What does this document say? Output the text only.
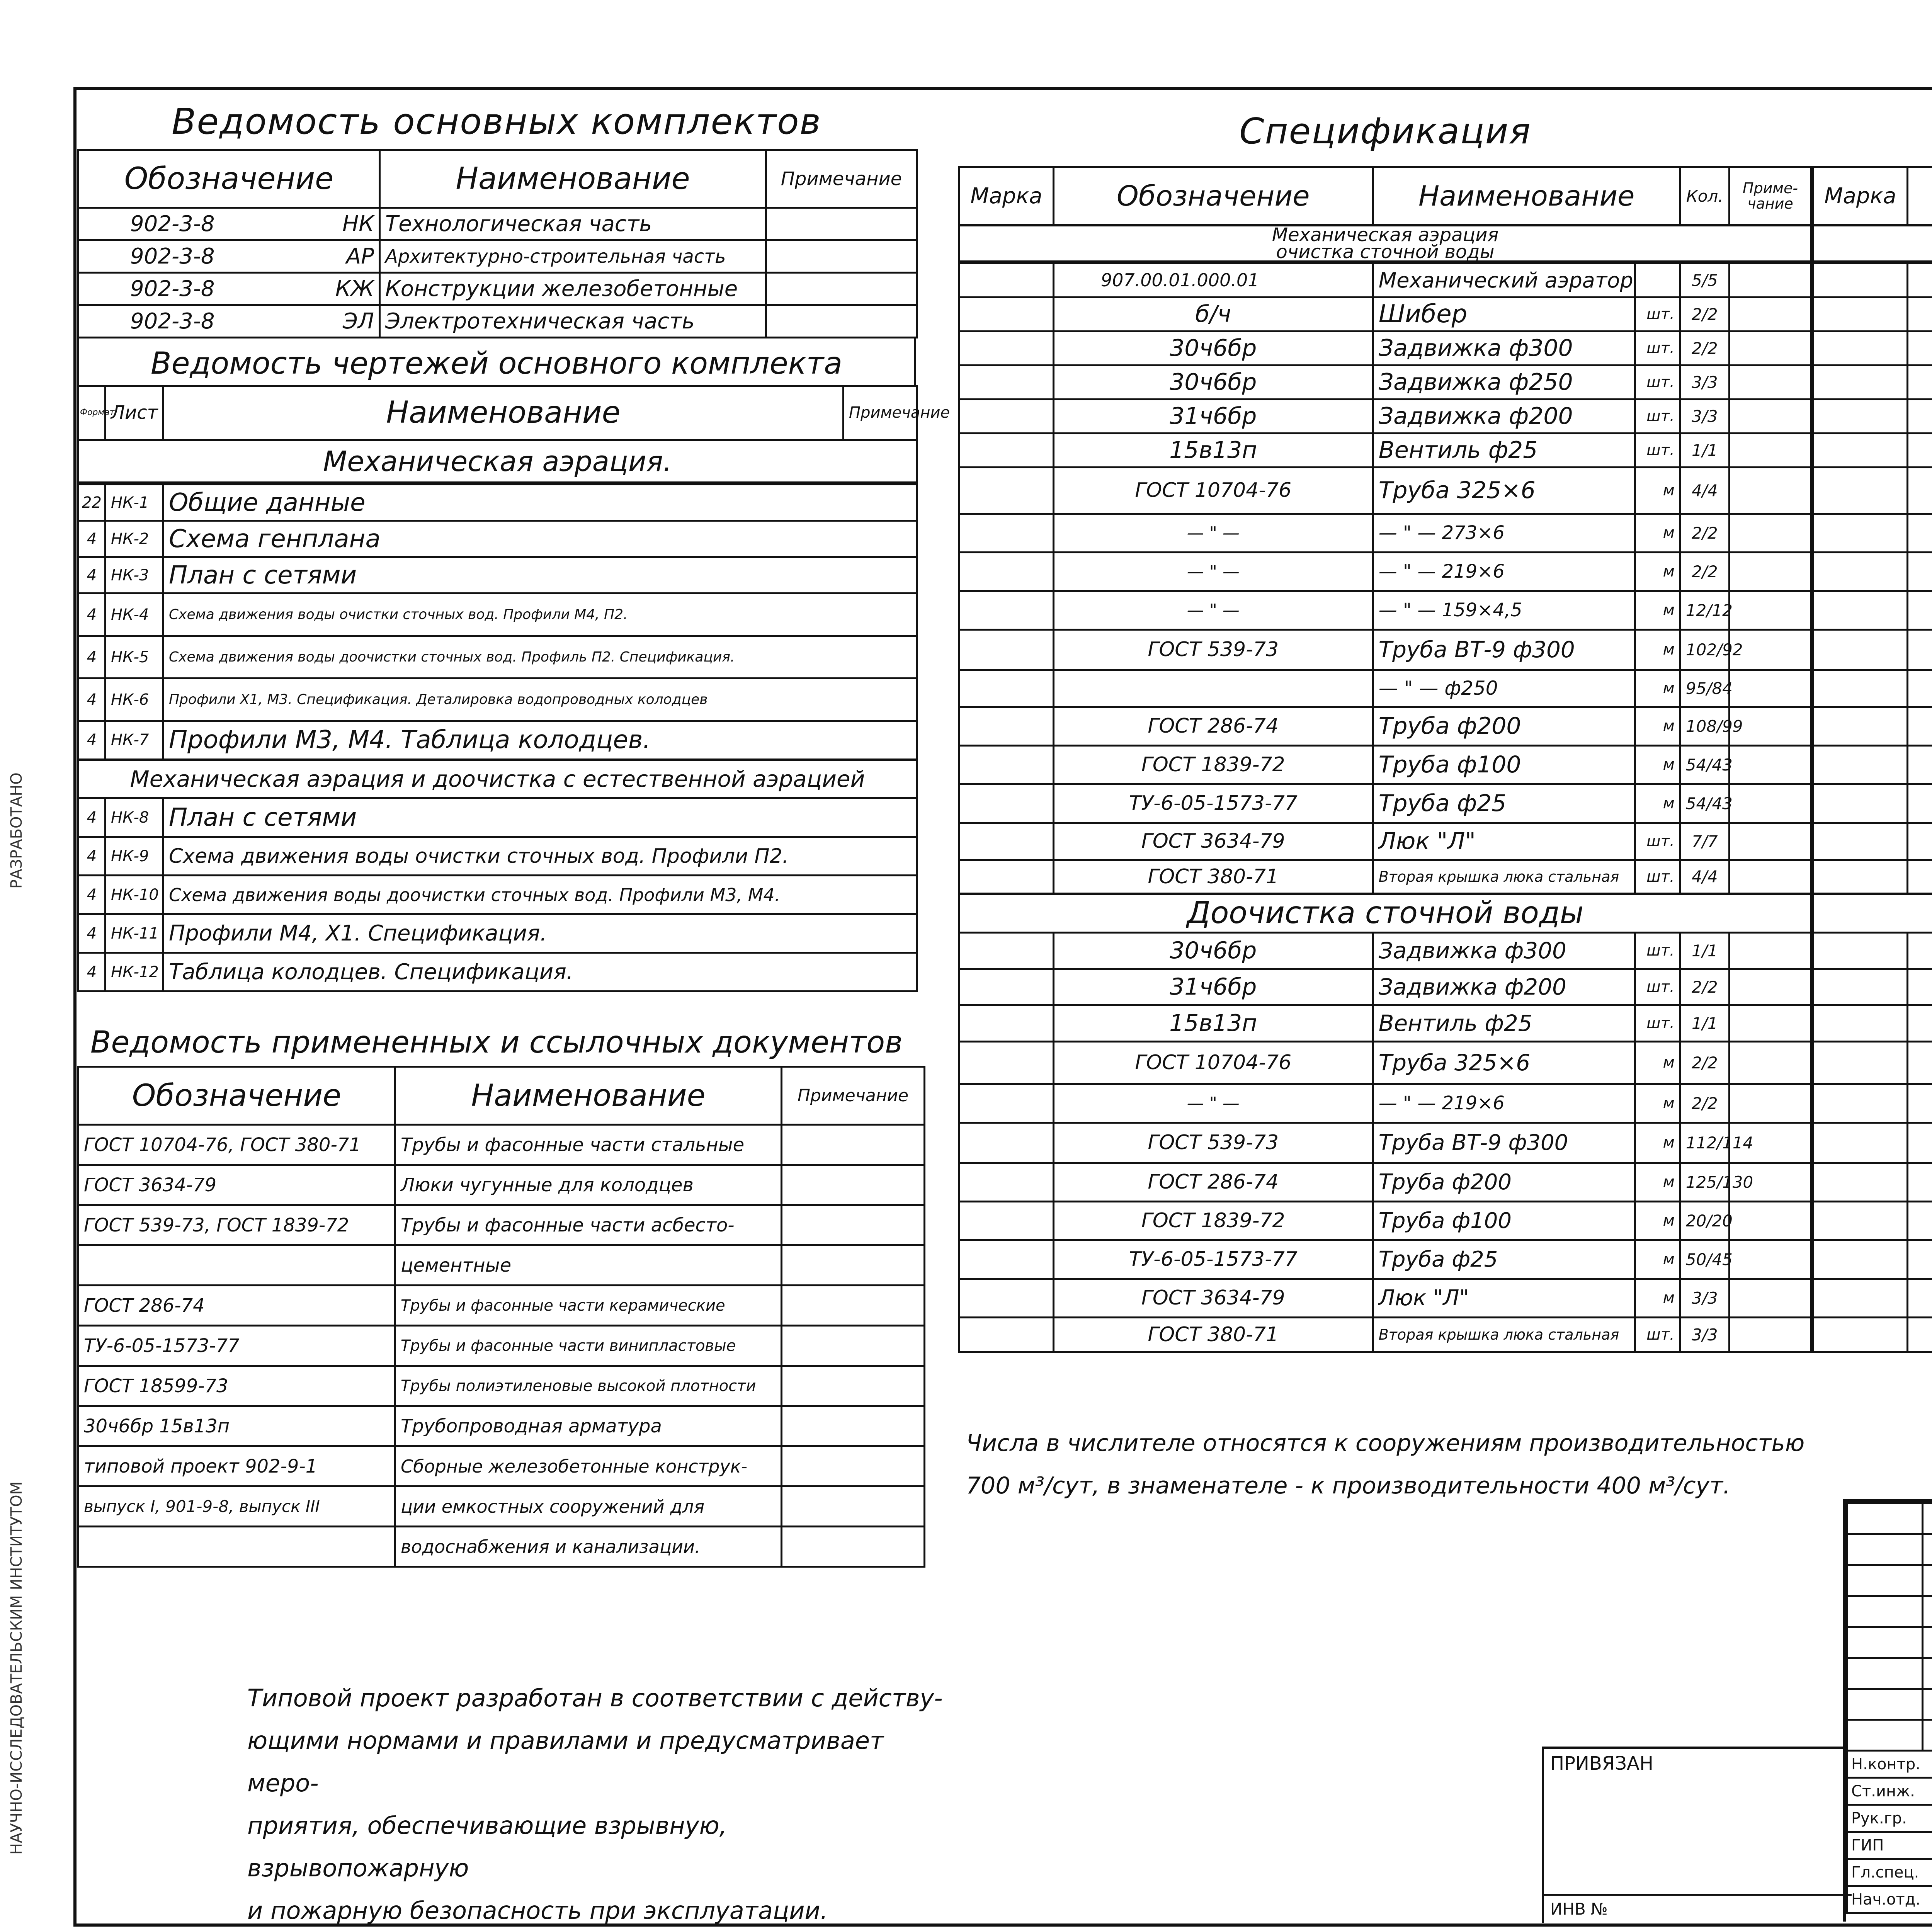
РАЗРАБОТАНО
НАУЧНО-ИССЛЕДОВАТЕЛЬСКИМ ИНСТИТУТОМ
Ведомость основных комплектов
Обозначение	Наименование	Примечание
902-3-8 НК	Технологическая часть	
902-3-8 АР	Архитектурно-строительная часть	
902-3-8 КЖ	Конструкции железобетонные	
902-3-8 ЭЛ	Электротехническая часть	
Ведомость чертежей основного комплекта
Формат	Лист	Наименование	Примечание
Механическая аэрация.
22	НК-1	Общие данные
4	НК-2	Схема генплана
4	НК-3	План с сетями
4	НК-4	Схема движения воды очистки сточных вод. Профили М4, П2.
4	НК-5	Схема движения воды доочистки сточных вод. Профиль П2. Спецификация.
4	НК-6	Профили Х1, М3. Спецификация. Деталировка водопроводных колодцев
4	НК-7	Профили М3, М4. Таблица колодцев.
Механическая аэрация и доочистка с естественной аэрацией		
4	НК-8	План с сетями
4	НК-9	Схема движения воды очистки сточных вод. Профили П2.
4	НК-10	Схема движения воды доочистки сточных вод. Профили М3, М4.
4	НК-11	Профили М4, Х1. Спецификация.
4	НК-12	Таблица колодцев. Спецификация.
Ведомость примененных и ссылочных документов
Обозначение	Наименование	Примечание
ГОСТ 10704-76, ГОСТ 380-71	Трубы и фасонные части стальные	
ГОСТ 3634-79	Люки чугунные для колодцев	
ГОСТ 539-73, ГОСТ 1839-72	Трубы и фасонные части асбесто-	
	цементные	
ГОСТ 286-74	Трубы и фасонные части керамические	
ТУ-6-05-1573-77	Трубы и фасонные части винипластовые	
ГОСТ 18599-73	Трубы полиэтиленовые высокой плотности	
30ч6бр 15в13п	Трубопроводная арматура	
типовой проект 902-9-1	Сборные железобетонные конструк-	
выпуск I, 901-9-8, выпуск III	ции емкостных сооружений для	
	водоснабжения и канализации.	
Спецификация
Марка	Обозначение	Наименование	Кол.	Приме-чание
Механическая аэрация очистка сточной воды
	907.00.01.000.01	Механический аэратор		5/5	
	б/ч	Шибер	шт.	2/2	
	30ч6бр	Задвижка ф300	шт.	2/2	
	30ч6бр	Задвижка ф250	шт.	3/3	
	31ч6бр	Задвижка ф200	шт.	3/3	
	15в13п	Вентиль ф25	шт.	1/1	
	ГОСТ 10704-76	Труба 325×6	м	4/4	
	— " —	— " — 273×6	м	2/2	
	— " —	— " — 219×6	м	2/2	
	— " —	— " — 159×4,5	м	12/12	
	ГОСТ 539-73	Труба ВТ-9 ф300	м	102/92	
		— " — ф250	м	95/84	
	ГОСТ 286-74	Труба ф200	м	108/99	
	ГОСТ 1839-72	Труба ф100	м	54/43	
	ТУ-6-05-1573-77	Труба ф25	м	54/43	
	ГОСТ 3634-79	Люк "Л"	шт.	7/7	
	ГОСТ 380-71	Вторая крышка люка стальная	шт.	4/4	
Доочистка сточной воды					
	30ч6бр	Задвижка ф300	шт.	1/1	
	31ч6бр	Задвижка ф200	шт.	2/2	
	15в13п	Вентиль ф25	шт.	1/1	
	ГОСТ 10704-76	Труба 325×6	м	2/2	
	— " —	— " — 219×6	м	2/2	
	ГОСТ 539-73	Труба ВТ-9 ф300	м	112/114	
	ГОСТ 286-74	Труба ф200	м	125/130	
	ГОСТ 1839-72	Труба ф100	м	20/20	
	ТУ-6-05-1573-77	Труба ф25	м	50/45	
	ГОСТ 3634-79	Люк "Л"	м	3/3	
	ГОСТ 380-71	Вторая крышка люка стальная	шт.	3/3	
Марка				

Числа в числителе относятся к сооружениям производительностью
700 м³/сут, в знаменателе - к производительности 400 м³/сут.
Типовой проект разработан в соответствии с действу-
ющими нормами и правилами и предусматривает меро-
приятия, обеспечивающие взрывную, взрывопожарную
и пожарную безопасность при эксплуатации.
Н.контр.				

Ст.инж.			

Рук.гр.		
ГИП				

Гл.спец.		
Нач.отд.		

ПРИВЯЗАН
ИНВ №
